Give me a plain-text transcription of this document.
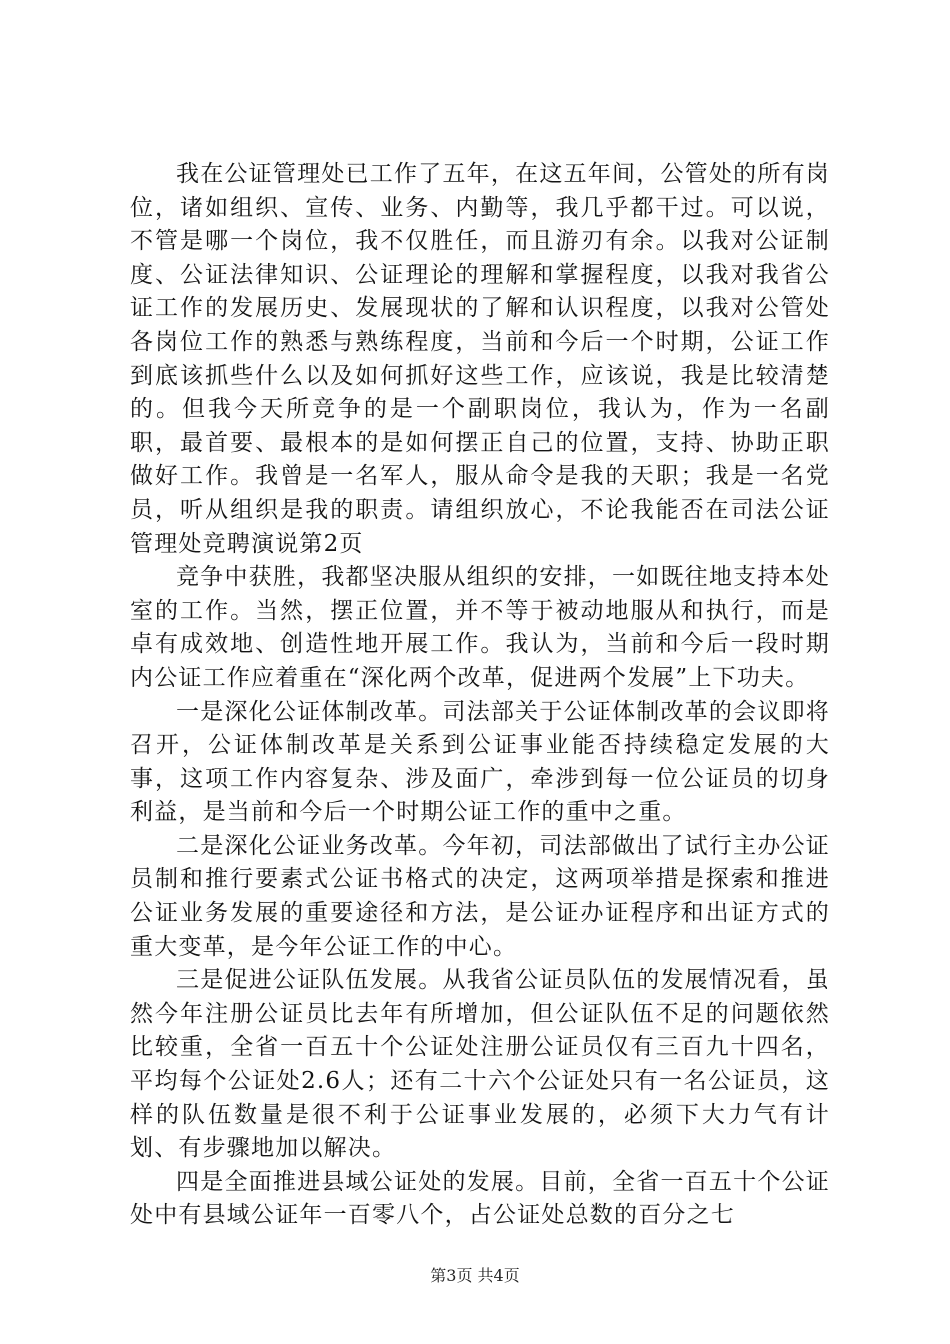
我在公证管理处已工作了五年，在这五年间，公管处的所有岗位，诸如组织、宣传、业务、内勤等，我几乎都干过。可以说，不管是哪一个岗位，我不仅胜任，而且游刃有余。以我对公证制度、公证法律知识、公证理论的理解和掌握程度，以我对我省公证工作的发展历史、发展现状的了解和认识程度，以我对公管处各岗位工作的熟悉与熟练程度，当前和今后一个时期，公证工作到底该抓些什么以及如何抓好这些工作，应该说，我是比较清楚的。但我今天所竞争的是一个副职岗位，我认为，作为一名副职，最首要、最根本的是如何摆正自己的位置，支持、协助正职做好工作。我曾是一名军人，服从命令是我的天职；我是一名党员，听从组织是我的职责。请组织放心，不论我能否在司法公证管理处竞聘演说第2页

竞争中获胜，我都坚决服从组织的安排，一如既往地支持本处室的工作。当然，摆正位置，并不等于被动地服从和执行，而是卓有成效地、创造性地开展工作。我认为，当前和今后一段时期内公证工作应着重在“深化两个改革，促进两个发展”上下功夫。

一是深化公证体制改革。司法部关于公证体制改革的会议即将召开，公证体制改革是关系到公证事业能否持续稳定发展的大事，这项工作内容复杂、涉及面广，牵涉到每一位公证员的切身利益，是当前和今后一个时期公证工作的重中之重。

二是深化公证业务改革。今年初，司法部做出了试行主办公证员制和推行要素式公证书格式的决定，这两项举措是探索和推进公证业务发展的重要途径和方法，是公证办证程序和出证方式的重大变革，是今年公证工作的中心。

三是促进公证队伍发展。从我省公证员队伍的发展情况看，虽然今年注册公证员比去年有所增加，但公证队伍不足的问题依然比较重，全省一百五十个公证处注册公证员仅有三百九十四名，平均每个公证处2.6人；还有二十六个公证处只有一名公证员，这样的队伍数量是很不利于公证事业发展的，必须下大力气有计划、有步骤地加以解决。

四是全面推进县域公证处的发展。目前，全省一百五十个公证处中有县域公证年一百零八个，占公证处总数的百分之七

第3页 共4页
